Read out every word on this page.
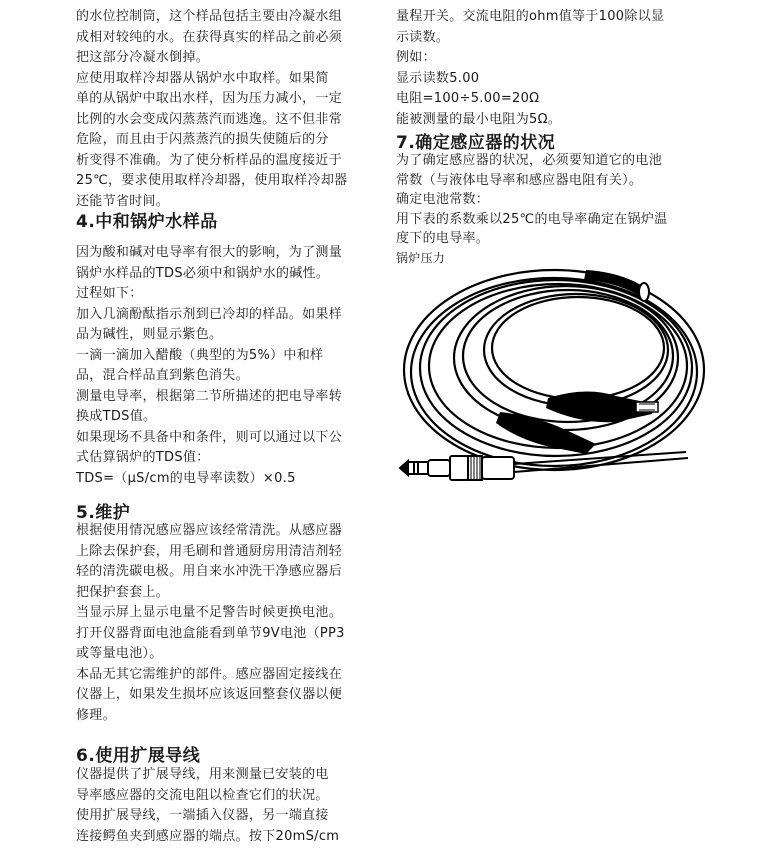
的水位控制筒，这个样品包括主要由冷凝水组

成相对较纯的水。在获得真实的样品之前必须

把这部分冷凝水倒掉。

应使用取样冷却器从锅炉水中取样。如果简

单的从锅炉中取出水样，因为压力减小，一定

比例的水会变成闪蒸蒸汽而逃逸。这不但非常

危险，而且由于闪蒸蒸汽的损失使随后的分

析变得不准确。为了使分析样品的温度接近于

25℃，要求使用取样冷却器，使用取样冷却器

还能节省时间。

4.中和锅炉水样品

因为酸和碱对电导率有很大的影响，为了测量

锅炉水样品的TDS必须中和锅炉水的碱性。

过程如下：

加入几滴酚酞指示剂到已冷却的样品。如果样

品为碱性，则显示紫色。

一滴一滴加入醋酸（典型的为5%）中和样

品，混合样品直到紫色消失。

测量电导率，根据第二节所描述的把电导率转

换成TDS值。

如果现场不具备中和条件，则可以通过以下公

式估算锅炉的TDS值：

TDS=（μS/cm的电导率读数）×0.5

5.维护

根据使用情况感应器应该经常清洗。从感应器

上除去保护套，用毛刷和普通厨房用清洁剂轻

轻的清洗碳电极。用自来水冲洗干净感应器后

把保护套套上。

当显示屏上显示电量不足警告时候更换电池。

打开仪器背面电池盒能看到单节9V电池（PP3

或等量电池）。

本品无其它需维护的部件。感应器固定接线在

仪器上，如果发生损坏应该返回整套仪器以便

修理。

6.使用扩展导线

仪器提供了扩展导线，用来测量已安装的电

导率感应器的交流电阻以检查它们的状况。

使用扩展导线，一端插入仪器，另一端直接

连接鳄鱼夹到感应器的端点。按下20mS/cm

量程开关。交流电阻的ohm值等于100除以显

示读数。

例如：

显示读数5.00

电阻=100÷5.00=20Ω

能被测量的最小电阻为5Ω。

7.确定感应器的状况

为了确定感应器的状况，必须要知道它的电池

常数（与液体电导率和感应器电阻有关）。

确定电池常数：

用下表的系数乘以25℃的电导率确定在锅炉温

度下的电导率。

锅炉压力
